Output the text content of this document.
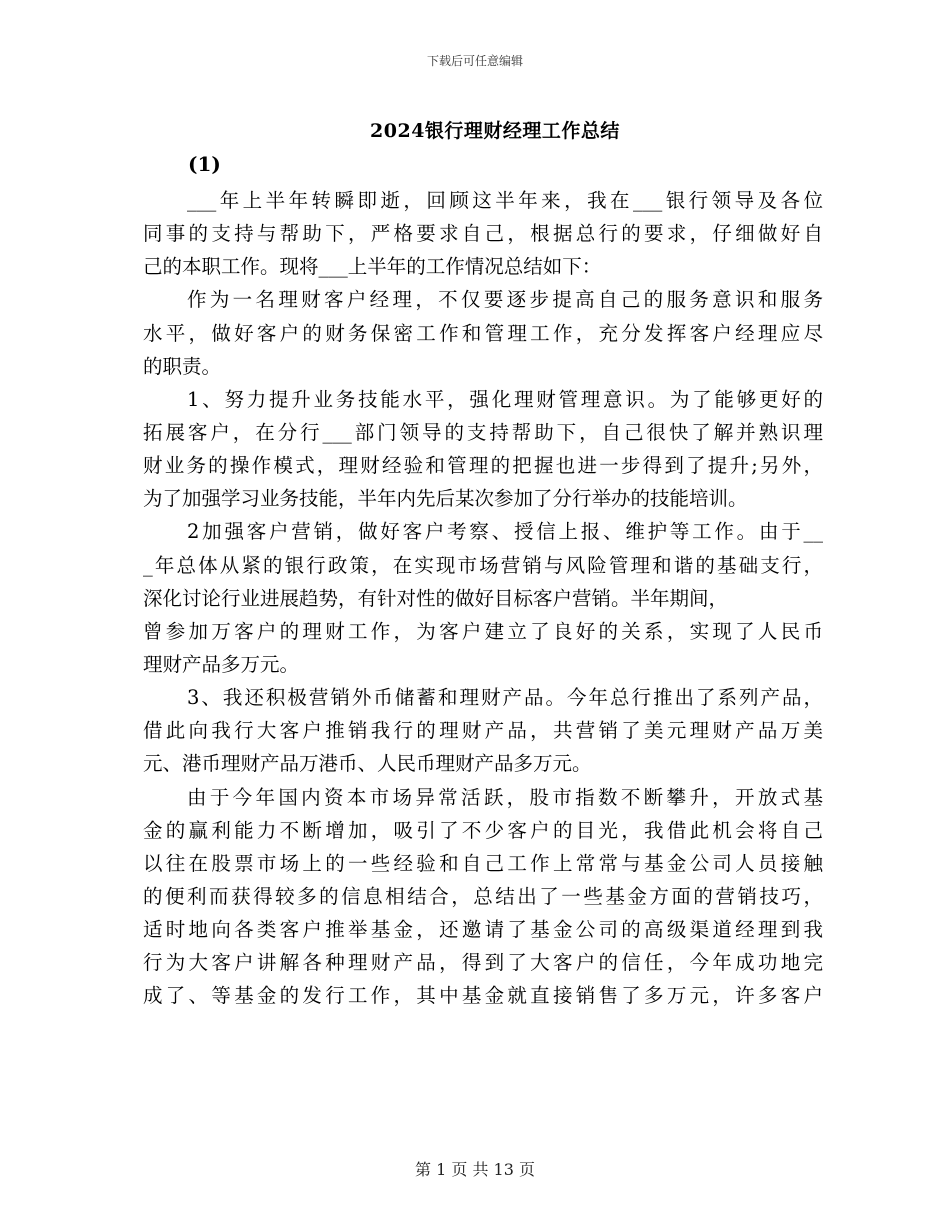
下载后可任意编辑
2024银行理财经理工作总结
(1)
___年上半年转瞬即逝，回顾这半年来，我在___银行领导及各位
同事的支持与帮助下，严格要求自己，根据总行的要求，仔细做好自
己的本职工作。现将___上半年的工作情况总结如下：
作为一名理财客户经理，不仅要逐步提高自己的服务意识和服务
水平，做好客户的财务保密工作和管理工作，充分发挥客户经理应尽
的职责。
1、努力提升业务技能水平，强化理财管理意识。为了能够更好的
拓展客户，在分行___部门领导的支持帮助下，自己很快了解并熟识理
财业务的操作模式，理财经验和管理的把握也进一步得到了提升;另外，
为了加强学习业务技能，半年内先后某次参加了分行举办的技能培训。
2加强客户营销，做好客户考察、授信上报、维护等工作。由于__
_年总体从紧的银行政策，在实现市场营销与风险管理和谐的基础支行，
深化讨论行业进展趋势，有针对性的做好目标客户营销。半年期间，
曾参加万客户的理财工作，为客户建立了良好的关系，实现了人民币
理财产品多万元。
3、我还积极营销外币储蓄和理财产品。今年总行推出了系列产品，
借此向我行大客户推销我行的理财产品，共营销了美元理财产品万美
元、港币理财产品万港币、人民币理财产品多万元。
由于今年国内资本市场异常活跃，股市指数不断攀升，开放式基
金的赢利能力不断增加，吸引了不少客户的目光，我借此机会将自己
以往在股票市场上的一些经验和自己工作上常常与基金公司人员接触
的便利而获得较多的信息相结合，总结出了一些基金方面的营销技巧，
适时地向各类客户推举基金，还邀请了基金公司的高级渠道经理到我
行为大客户讲解各种理财产品，得到了大客户的信任，今年成功地完
成了、等基金的发行工作，其中基金就直接销售了多万元，许多客户
第 1 页 共 13 页
